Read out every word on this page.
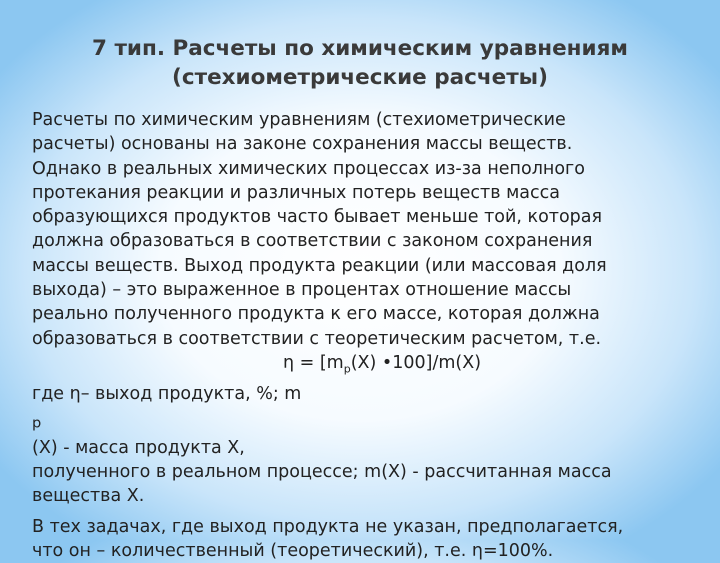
7 тип. Расчеты по химическим уравнениям
(стехиометрические расчеты)

Расчеты по химическим уравнениям (стехиометрические
расчеты) основаны на законе сохранения массы веществ.
Однако в реальных химических процессах из-за неполного
протекания реакции и различных потерь веществ масса
образующихся продуктов часто бывает меньше той, которая
должна образоваться в соответствии с законом сохранения
массы веществ. Выход продукта реакции (или массовая доля
выхода) – это выраженное в процентах отношение массы
реально полученного продукта к его массе, которая должна
образоваться в соответствии с теоретическим расчетом, т.е.

$\eta = [m_p(X)$ •100]/m(X)

где η– выход продукта, %; m
$_p$
(X) - масса продукта X,
полученного в реальном процессе; m(X) - рассчитанная масса
вещества X.

В тех задачах, где выход продукта не указан, предполагается,
что он – количественный (теоретический), т.е. η=100%.
